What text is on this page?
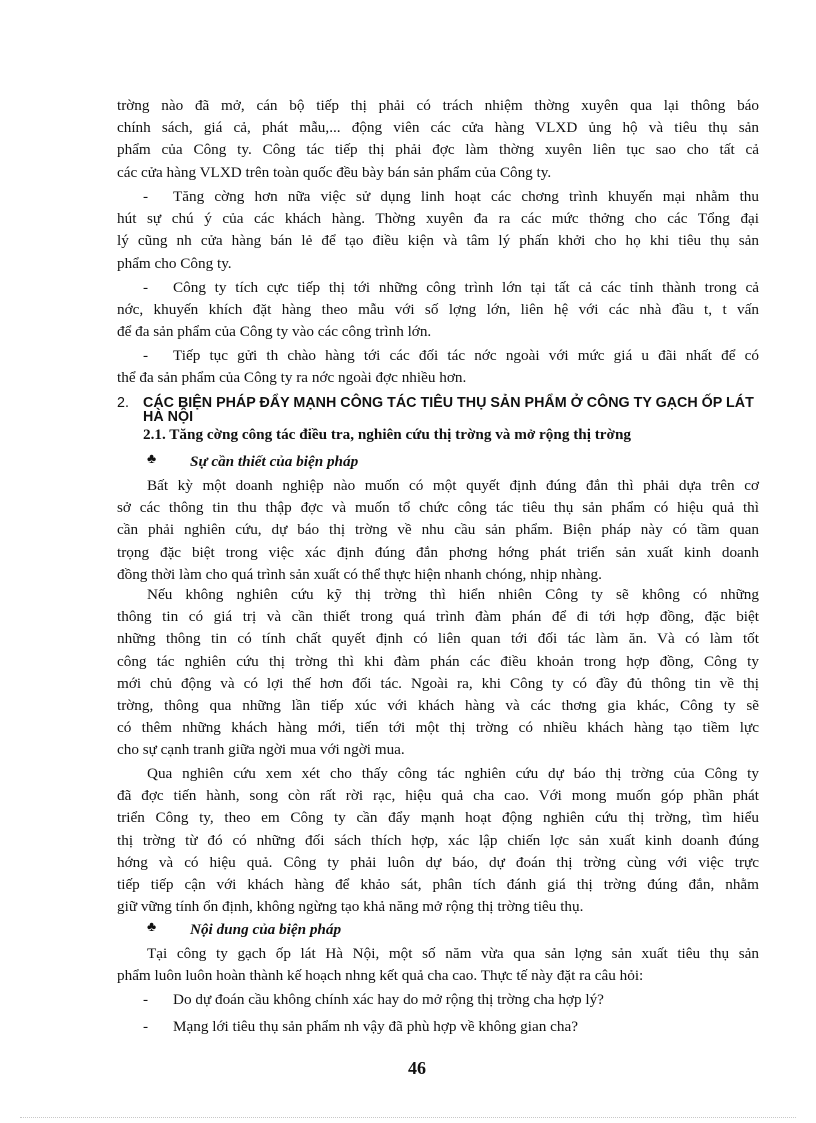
trờng nào đã mở, cán bộ tiếp thị phải có trách nhiệm thờng xuyên qua lại thông báo

chính sách, giá cả, phát mẫu,... động viên các cửa hàng VLXD ủng hộ và tiêu thụ sản

phẩm của Công ty. Công tác tiếp thị phải đợc làm thờng xuyên liên tục sao cho tất cả

các cửa hàng VLXD trên toàn quốc đều bày bán sản phẩm của Công ty.

-	Tăng cờng hơn nữa việc sử dụng linh hoạt các chơng trình khuyến mại nhằm thu

hút sự chú ý của các khách hàng. Thờng xuyên đa ra các mức thởng cho các Tổng đại

lý cũng nh cửa hàng bán lẻ để tạo điều kiện và tâm lý phấn khởi cho họ khi tiêu thụ sản

phẩm cho Công ty.

-	Công ty tích cực tiếp thị tới những công trình lớn tại tất cả các tỉnh thành trong cả

nớc, khuyến khích đặt hàng theo mẫu với số lợng lớn, liên hệ với các nhà đầu t, t vấn

để đa sản phẩm của Công ty vào các công trình lớn.

-	Tiếp tục gửi th chào hàng tới các đối tác nớc ngoài với mức giá u đãi nhất để có

thể đa sản phẩm của Công ty ra nớc ngoài đợc nhiều hơn.

2. CÁC BIỆN PHÁP ĐẨY MẠNH CÔNG TÁC TIÊU THỤ SẢN PHẨM Ở CÔNG TY GẠCH ỐP LÁT HÀ NỘI
2.1. Tăng cờng công tác điều tra, nghiên cứu thị trờng và mở rộng thị trờng
♣ Sự cần thiết của biện pháp

Bất kỳ một doanh nghiệp nào muốn có một quyết định đúng đắn thì phải dựa trên cơ

sở các thông tin thu thập đợc và muốn tổ chức công tác tiêu thụ sản phẩm có hiệu quả thì

cần phải nghiên cứu, dự báo thị trờng về nhu cầu sản phẩm. Biện pháp này có tầm quan

trọng đặc biệt trong việc xác định đúng đắn phơng hớng phát triển sản xuất kinh doanh

đồng thời làm cho quá trình sản xuất có thể thực hiện nhanh chóng, nhịp nhàng.

Nếu không nghiên cứu kỹ thị trờng thì hiển nhiên Công ty sẽ không có những

thông tin có giá trị và cần thiết trong quá trình đàm phán để đi tới hợp đồng, đặc biệt

những thông tin có tính chất quyết định có liên quan tới đối tác làm ăn. Và có làm tốt

công tác nghiên cứu thị trờng thì khi đàm phán các điều khoản trong hợp đồng, Công ty

mới chủ động và có lợi thế hơn đối tác. Ngoài ra, khi Công ty có đầy đủ thông tin về thị

trờng, thông qua những lần tiếp xúc với khách hàng và các thơng gia khác, Công ty sẽ

có thêm những khách hàng mới, tiến tới một thị trờng có nhiều khách hàng tạo tiềm lực

cho sự cạnh tranh giữa ngời mua với ngời mua.

Qua nghiên cứu xem xét cho thấy công tác nghiên cứu dự báo thị trờng của Công ty

đã đợc tiến hành, song còn rất rời rạc, hiệu quả cha cao. Với mong muốn góp phần phát

triển Công ty, theo em Công ty cần đẩy mạnh hoạt động nghiên cứu thị trờng, tìm hiểu

thị trờng từ đó có những đối sách thích hợp, xác lập chiến lợc sản xuất kinh doanh đúng

hớng và có hiệu quả. Công ty phải luôn dự báo, dự đoán thị trờng cùng với việc trực

tiếp tiếp cận với khách hàng để khảo sát, phân tích đánh giá thị trờng đúng đắn, nhằm

giữ vững tính ổn định, không ngừng tạo khả năng mở rộng thị trờng tiêu thụ.

♣ Nội dung của biện pháp

Tại công ty gạch ốp lát Hà Nội, một số năm vừa qua sản lợng sản xuất tiêu thụ sản

phẩm luôn luôn hoàn thành kế hoạch nhng kết quả cha cao. Thực tế này đặt ra câu hỏi:

-	Do dự đoán cầu không chính xác hay do mở rộng thị trờng cha hợp lý?

-	Mạng lới tiêu thụ sản phẩm nh vậy đã phù hợp về không gian cha?

46
